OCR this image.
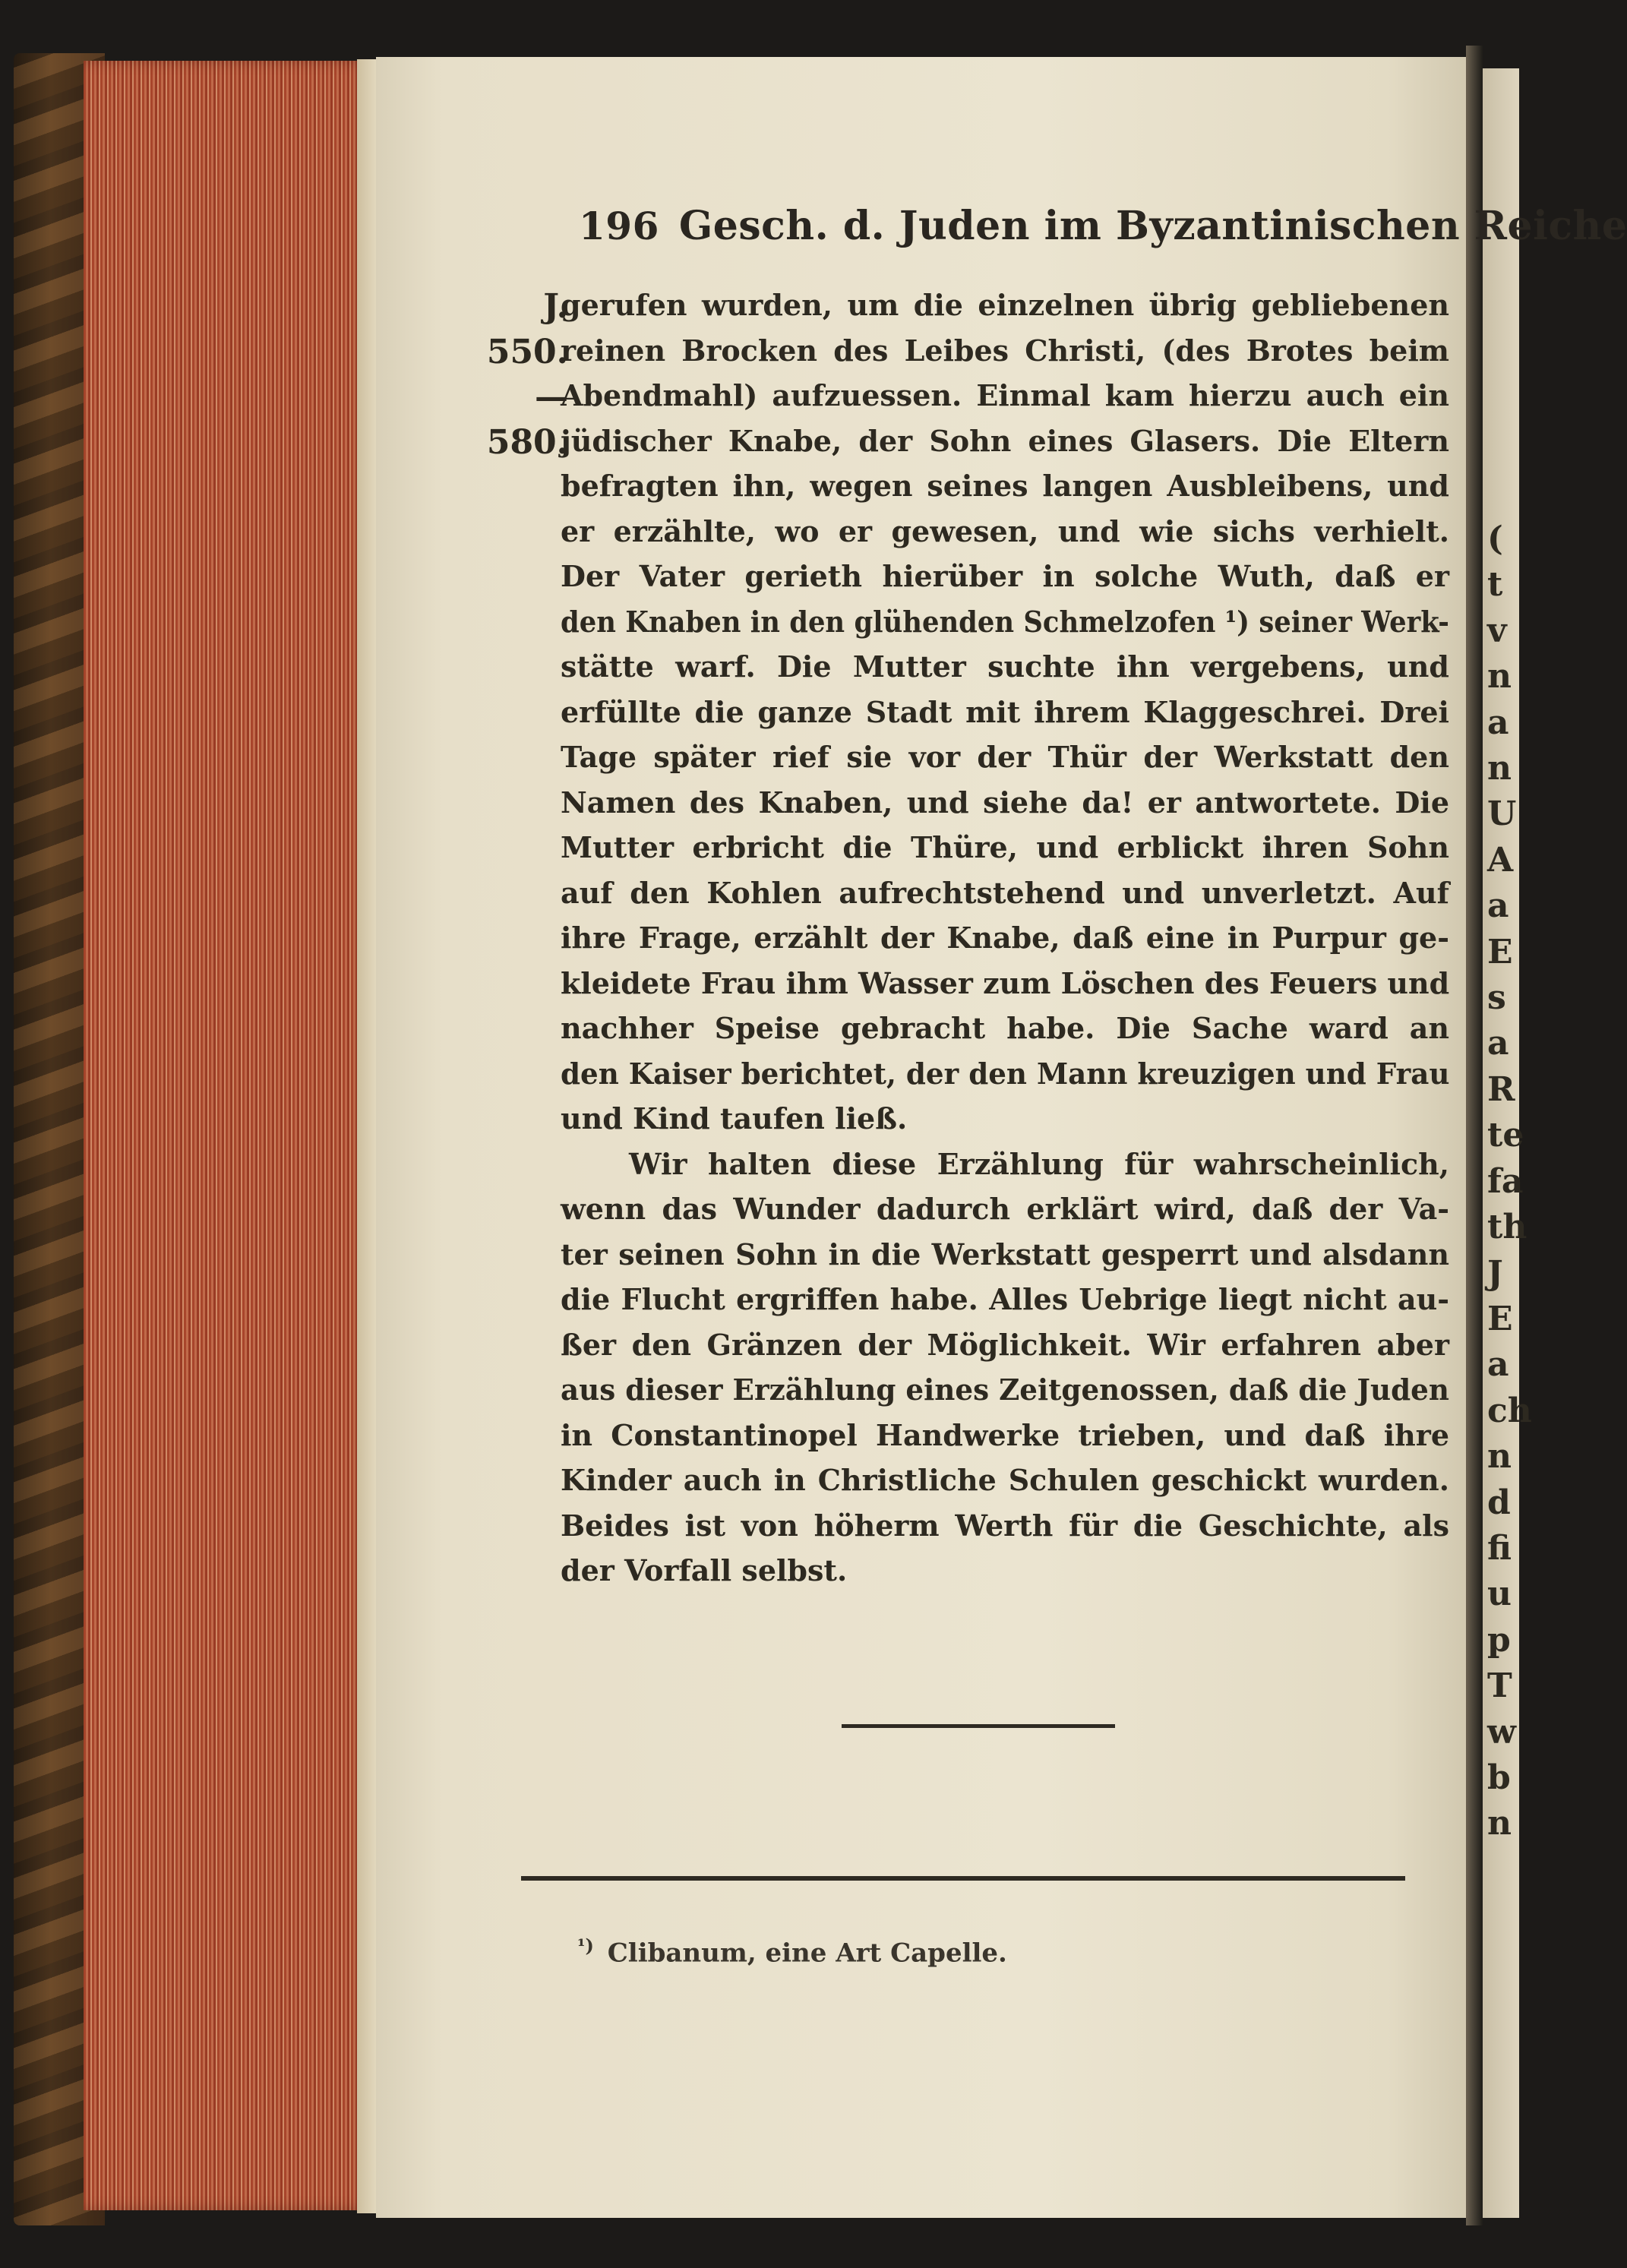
(
t
v
n
a
n
U
A
a
E
s
a
R
te
fa
th
J
E
a
ch
n
d
fi
u
p
T
w
b
n
196 Gesch. d. Juden im Byzantinischen Reiche
J.
550.
—
580.
gerufen wurden, um die einzelnen übrig gebliebenen
reinen Brocken des Leibes Christi, (des Brotes beim
Abendmahl) aufzuessen. Einmal kam hierzu auch ein
jüdischer Knabe, der Sohn eines Glasers. Die Eltern
befragten ihn, wegen seines langen Ausbleibens, und
er erzählte, wo er gewesen, und wie sichs verhielt.
Der Vater gerieth hierüber in solche Wuth, daß er
den Knaben in den glühenden Schmelzofen ¹) seiner Werk-
stätte warf. Die Mutter suchte ihn vergebens, und
erfüllte die ganze Stadt mit ihrem Klaggeschrei. Drei
Tage später rief sie vor der Thür der Werkstatt den
Namen des Knaben, und siehe da! er antwortete. Die
Mutter erbricht die Thüre, und erblickt ihren Sohn
auf den Kohlen aufrechtstehend und unverletzt. Auf
ihre Frage, erzählt der Knabe, daß eine in Purpur ge-
kleidete Frau ihm Wasser zum Löschen des Feuers und
nachher Speise gebracht habe. Die Sache ward an
den Kaiser berichtet, der den Mann kreuzigen und Frau
und Kind taufen ließ.
Wir halten diese Erzählung für wahrscheinlich,
wenn das Wunder dadurch erklärt wird, daß der Va-
ter seinen Sohn in die Werkstatt gesperrt und alsdann
die Flucht ergriffen habe. Alles Uebrige liegt nicht au-
ßer den Gränzen der Möglichkeit. Wir erfahren aber
aus dieser Erzählung eines Zeitgenossen, daß die Juden
in Constantinopel Handwerke trieben, und daß ihre
Kinder auch in Christliche Schulen geschickt wurden.
Beides ist von höherm Werth für die Geschichte, als
der Vorfall selbst.
$^{^1)}$ Clibanum, eine Art Capelle.
